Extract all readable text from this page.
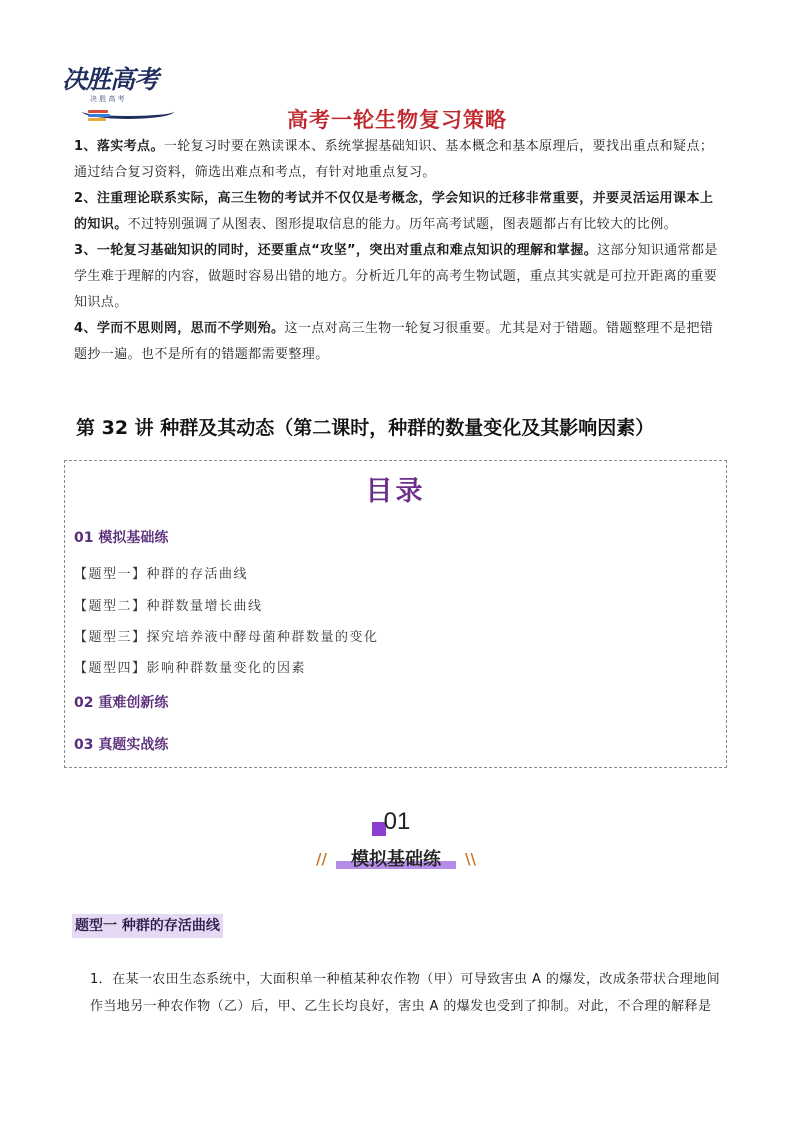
决胜高考
决 胜 高 考
高考一轮生物复习策略

1、落实考点。一轮复习时要在熟读课本、系统掌握基础知识、基本概念和基本原理后，要找出重点和疑点；通过结合复习资料，筛选出难点和考点，有针对地重点复习。

2、注重理论联系实际，高三生物的考试并不仅仅是考概念，学会知识的迁移非常重要，并要灵活运用课本上的知识。不过特别强调了从图表、图形提取信息的能力。历年高考试题，图表题都占有比较大的比例。

3、一轮复习基础知识的同时，还要重点“攻坚”，突出对重点和难点知识的理解和掌握。这部分知识通常都是学生难于理解的内容，做题时容易出错的地方。分析近几年的高考生物试题，重点其实就是可拉开距离的重要知识点。

4、学而不思则罔，思而不学则殆。这一点对高三生物一轮复习很重要。尤其是对于错题。错题整理不是把错题抄一遍。也不是所有的错题都需要整理。

第 32 讲 种群及其动态（第二课时，种群的数量变化及其影响因素）
目录
01 模拟基础练
【题型一】种群的存活曲线
【题型二】种群数量增长曲线
【题型三】探究培养液中酵母菌种群数量的变化
【题型四】影响种群数量变化的因素
02 重难创新练
03 真题实战练
01
//	模拟基础练	\\
题型一 种群的存活曲线
1．在某一农田生态系统中，大面积单一种植某种农作物（甲）可导致害虫 A 的爆发，改成条带状合理地间作当地另一种农作物（乙）后，甲、乙生长均良好，害虫 A 的爆发也受到了抑制。对此，不合理的解释是
